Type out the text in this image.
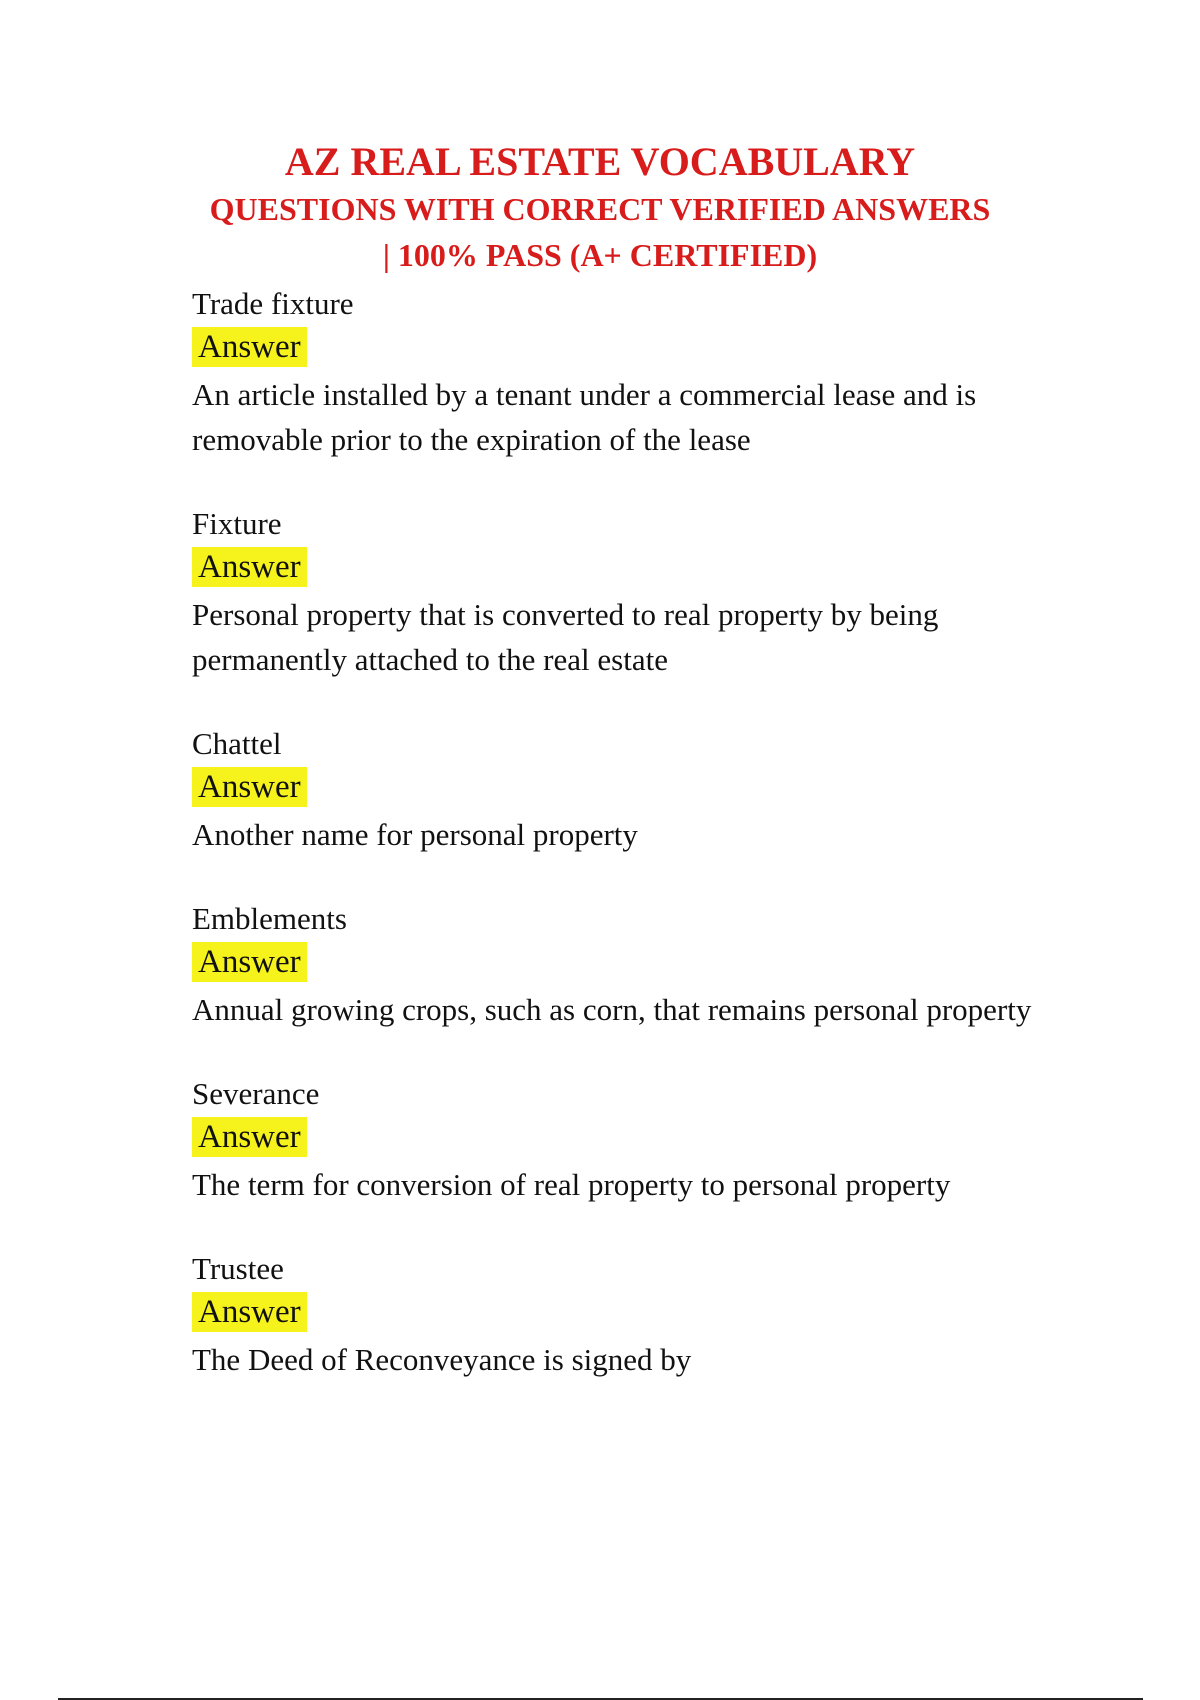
AZ REAL ESTATE VOCABULARY
QUESTIONS WITH CORRECT VERIFIED ANSWERS
| 100% PASS (A+ CERTIFIED)

Trade fixture

Answer

An article installed by a tenant under a commercial lease and is removable prior to the expiration of the lease

Fixture

Answer

Personal property that is converted to real property by being permanently attached to the real estate

Chattel

Answer

Another name for personal property

Emblements

Answer

Annual growing crops, such as corn, that remains personal property

Severance

Answer

The term for conversion of real property to personal property

Trustee

Answer

The Deed of Reconveyance is signed by
